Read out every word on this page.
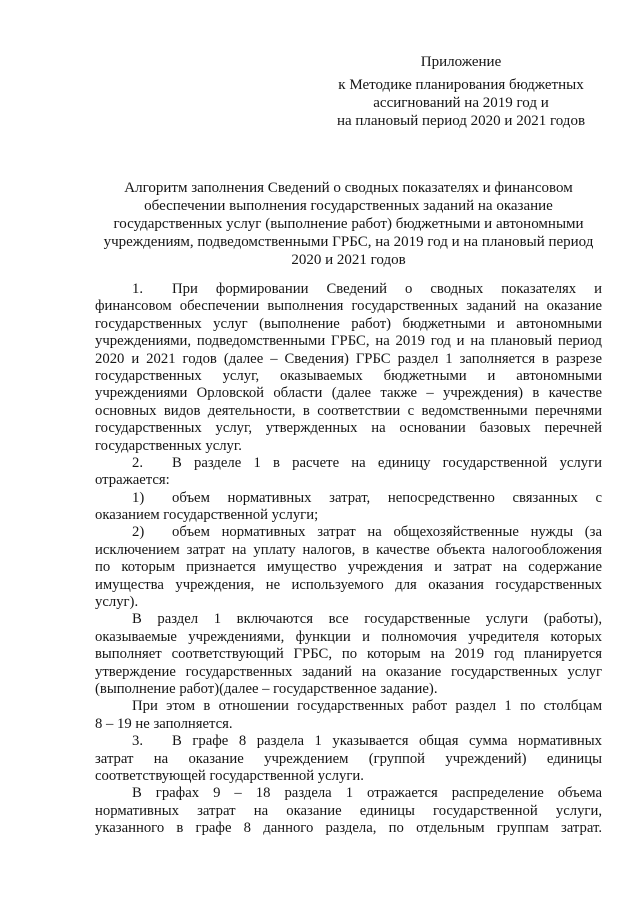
Приложение
к Методике планирования бюджетных
ассигнований на 2019 год и
на плановый период 2020 и 2021 годов
Алгоритм заполнения Сведений о сводных показателях и финансовом
обеспечении выполнения государственных заданий на оказание
государственных услуг (выполнение работ) бюджетными и автономными
учреждениям, подведомственными ГРБС, на 2019 год и на плановый период
2020 и 2021 годов
1. При формировании Сведений о сводных показателях и
финансовом обеспечении выполнения государственных заданий на оказание
государственных услуг (выполнение работ) бюджетными и автономными
учреждениями, подведомственными ГРБС, на 2019 год и на плановый период
2020 и 2021 годов (далее – Сведения) ГРБС раздел 1 заполняется в разрезе
государственных услуг, оказываемых бюджетными и автономными
учреждениями Орловской области (далее также – учреждения) в качестве
основных видов деятельности, в соответствии с ведомственными перечнями
государственных услуг, утвержденных на основании базовых перечней
государственных услуг.
2. В разделе 1 в расчете на единицу государственной услуги
отражается:
1) объем нормативных затрат, непосредственно связанных с
оказанием государственной услуги;
2) объем нормативных затрат на общехозяйственные нужды (за
исключением затрат на уплату налогов, в качестве объекта налогообложения
по которым признается имущество учреждения и затрат на содержание
имущества учреждения, не используемого для оказания государственных
услуг).
В раздел 1 включаются все государственные услуги (работы),
оказываемые учреждениями, функции и полномочия учредителя которых
выполняет соответствующий ГРБС, по которым на 2019 год планируется
утверждение государственных заданий на оказание государственных услуг
(выполнение работ)(далее – государственное задание).
При этом в отношении государственных работ раздел 1 по столбцам
8 – 19 не заполняется.
3. В графе 8 раздела 1 указывается общая сумма нормативных
затрат на оказание учреждением (группой учреждений) единицы
соответствующей государственной услуги.
В графах 9 – 18 раздела 1 отражается распределение объема
нормативных затрат на оказание единицы государственной услуги,
указанного в графе 8 данного раздела, по отдельным группам затрат.
